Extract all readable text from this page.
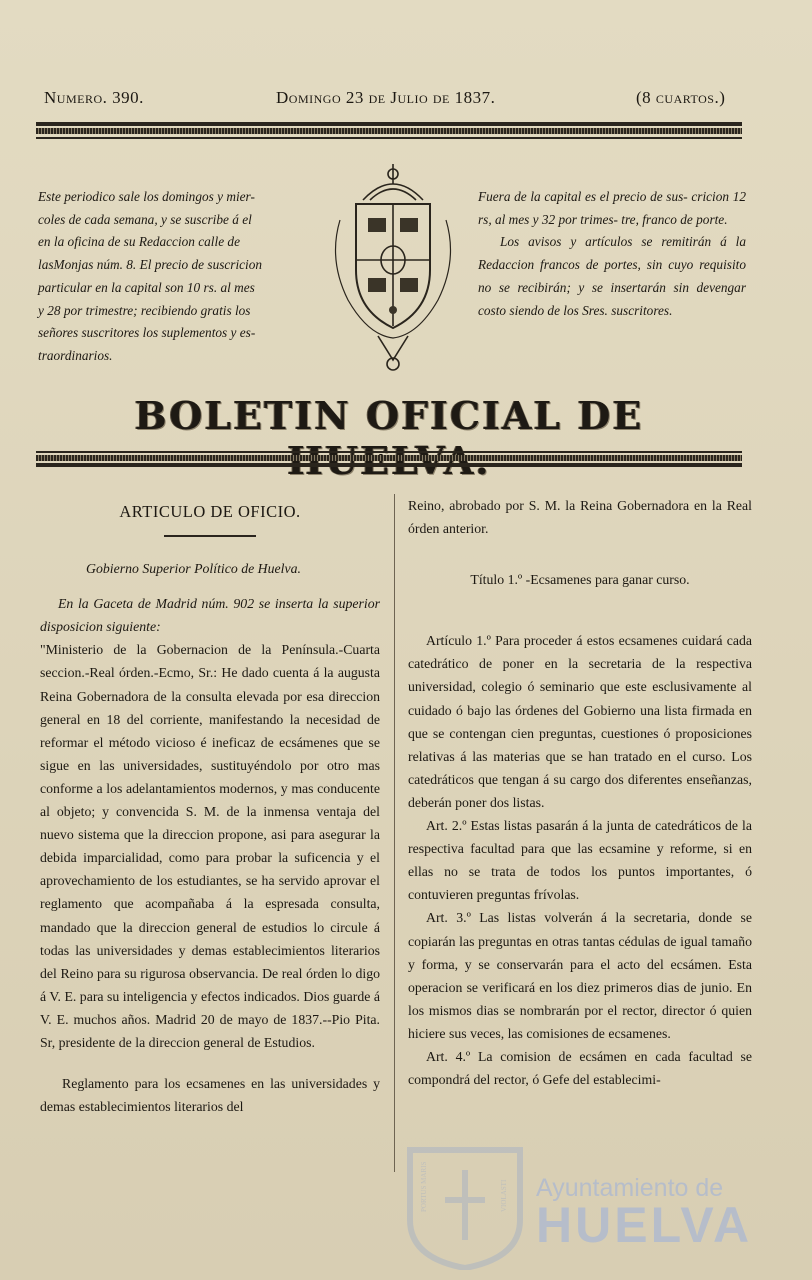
Numero. 390.	Domingo 23 de Julio de 1837.	(8 cuartos.)

Este periodico sale los domingos y mier-

coles de cada semana, y se suscribe á el

en la oficina de su Redaccion calle de

lasMonjas núm. 8. El precio de suscricion

particular en la capital son 10 rs. al mes

y 28 por trimestre; recibiendo gratis los

señores suscritores los suplementos y es-

traordinarios.

Fuera de la capital es el precio de sus- cricion 12 rs, al mes y 32 por trimes- tre, franco de porte.

Los avisos y artículos se remitirán á la Redaccion francos de portes, sin cuyo requisito no se recibirán; y se insertarán sin devengar costo siendo de los Sres. suscritores.

BOLETIN OFICIAL DE

ARTICULO DE OFICIO.

Gobierno Superior Político de Huelva.

En la Gaceta de Madrid núm. 902 se inserta la superior disposicion siguiente:

"Ministerio de la Gobernacion de la Península.-Cuarta seccion.-Real órden.-Ecmo, Sr.: He dado cuenta á la augusta Reina Gobernadora de la consulta elevada por esa direccion general en 18 del corriente, manifestando la necesidad de reformar el método vicioso é ineficaz de ecsámenes que se sigue en las universidades, sustituyéndolo por otro mas conforme a los adelantamientos modernos, y mas conducente al objeto; y convencida S. M. de la inmensa ventaja del nuevo sistema que la direccion propone, asi para asegurar la debida imparcialidad, como para probar la suficencia y el aprovechamiento de los estudiantes, se ha servido aprovar el reglamento que acompañaba á la espresada consulta, mandado que la direccion general de estudios lo circule á todas las universidades y demas establecimientos literarios del Reino para su rigurosa observancia. De real órden lo digo á V. E. para su inteligencia y efectos indicados. Dios guarde á V. E. muchos años. Madrid 20 de mayo de 1837.--Pio Pita. Sr, presidente de la direccion general de Estudios.

Reglamento para los ecsamenes en las universidades y demas establecimientos literarios del

Reino, abrobado por S. M. la Reina Gobernadora en la Real órden anterior.

Título 1.º -Ecsamenes para ganar curso.

Artículo 1.º Para proceder á estos ecsamenes cuidará cada catedrático de poner en la secretaria de la respectiva universidad, colegio ó seminario que este esclusivamente al cuidado ó bajo las órdenes del Gobierno una lista firmada en que se contengan cien preguntas, cuestiones ó proposiciones relativas á las materias que se han tratado en el curso. Los catedráticos que tengan á su cargo dos diferentes enseñanzas, deberán poner dos listas.

Art. 2.º Estas listas pasarán á la junta de catedráticos de la respectiva facultad para que las ecsamine y reforme, si en ellas no se trata de todos los puntos importantes, ó contuvieren preguntas frívolas.

Art. 3.º Las listas volverán á la secretaria, donde se copiarán las preguntas en otras tantas cédulas de igual tamaño y forma, y se conservarán para el acto del ecsámen. Esta operacion se verificará en los diez primeros dias de junio. En los mismos dias se nombrarán por el rector, director ó quien hiciere sus veces, las comisiones de ecsamenes.

Art. 4.º La comision de ecsámen en cada facultad se compondrá del rector, ó Gefe del establecimi-

PORTUS MARIS	VIOLASTI Ayuntamiento de
HUELVA
